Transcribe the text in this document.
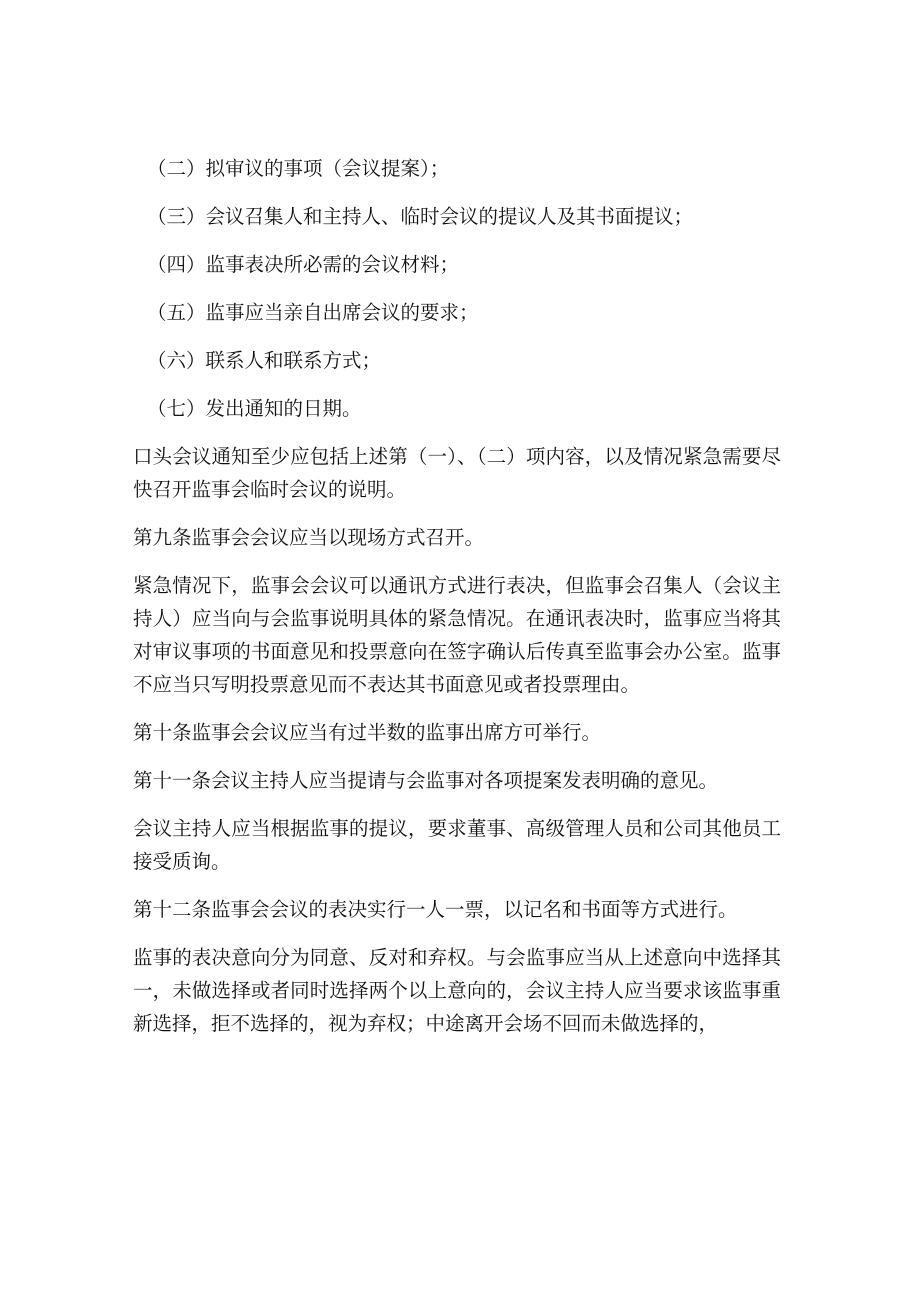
（二）拟审议的事项（会议提案）；

（三）会议召集人和主持人、临时会议的提议人及其书面提议；

（四）监事表决所必需的会议材料；

（五）监事应当亲自出席会议的要求；

（六）联系人和联系方式；

（七）发出通知的日期。

口头会议通知至少应包括上述第（一）、（二）项内容，以及情况紧急需要尽快召开监事会临时会议的说明。

第九条监事会会议应当以现场方式召开。

紧急情况下，监事会会议可以通讯方式进行表决，但监事会召集人（会议主持人）应当向与会监事说明具体的紧急情况。在通讯表决时，监事应当将其对审议事项的书面意见和投票意向在签字确认后传真至监事会办公室。监事不应当只写明投票意见而不表达其书面意见或者投票理由。

第十条监事会会议应当有过半数的监事出席方可举行。

第十一条会议主持人应当提请与会监事对各项提案发表明确的意见。

会议主持人应当根据监事的提议，要求董事、高级管理人员和公司其他员工接受质询。

第十二条监事会会议的表决实行一人一票，以记名和书面等方式进行。

监事的表决意向分为同意、反对和弃权。与会监事应当从上述意向中选择其一，未做选择或者同时选择两个以上意向的，会议主持人应当要求该监事重新选择，拒不选择的，视为弃权；中途离开会场不回而未做选择的，
